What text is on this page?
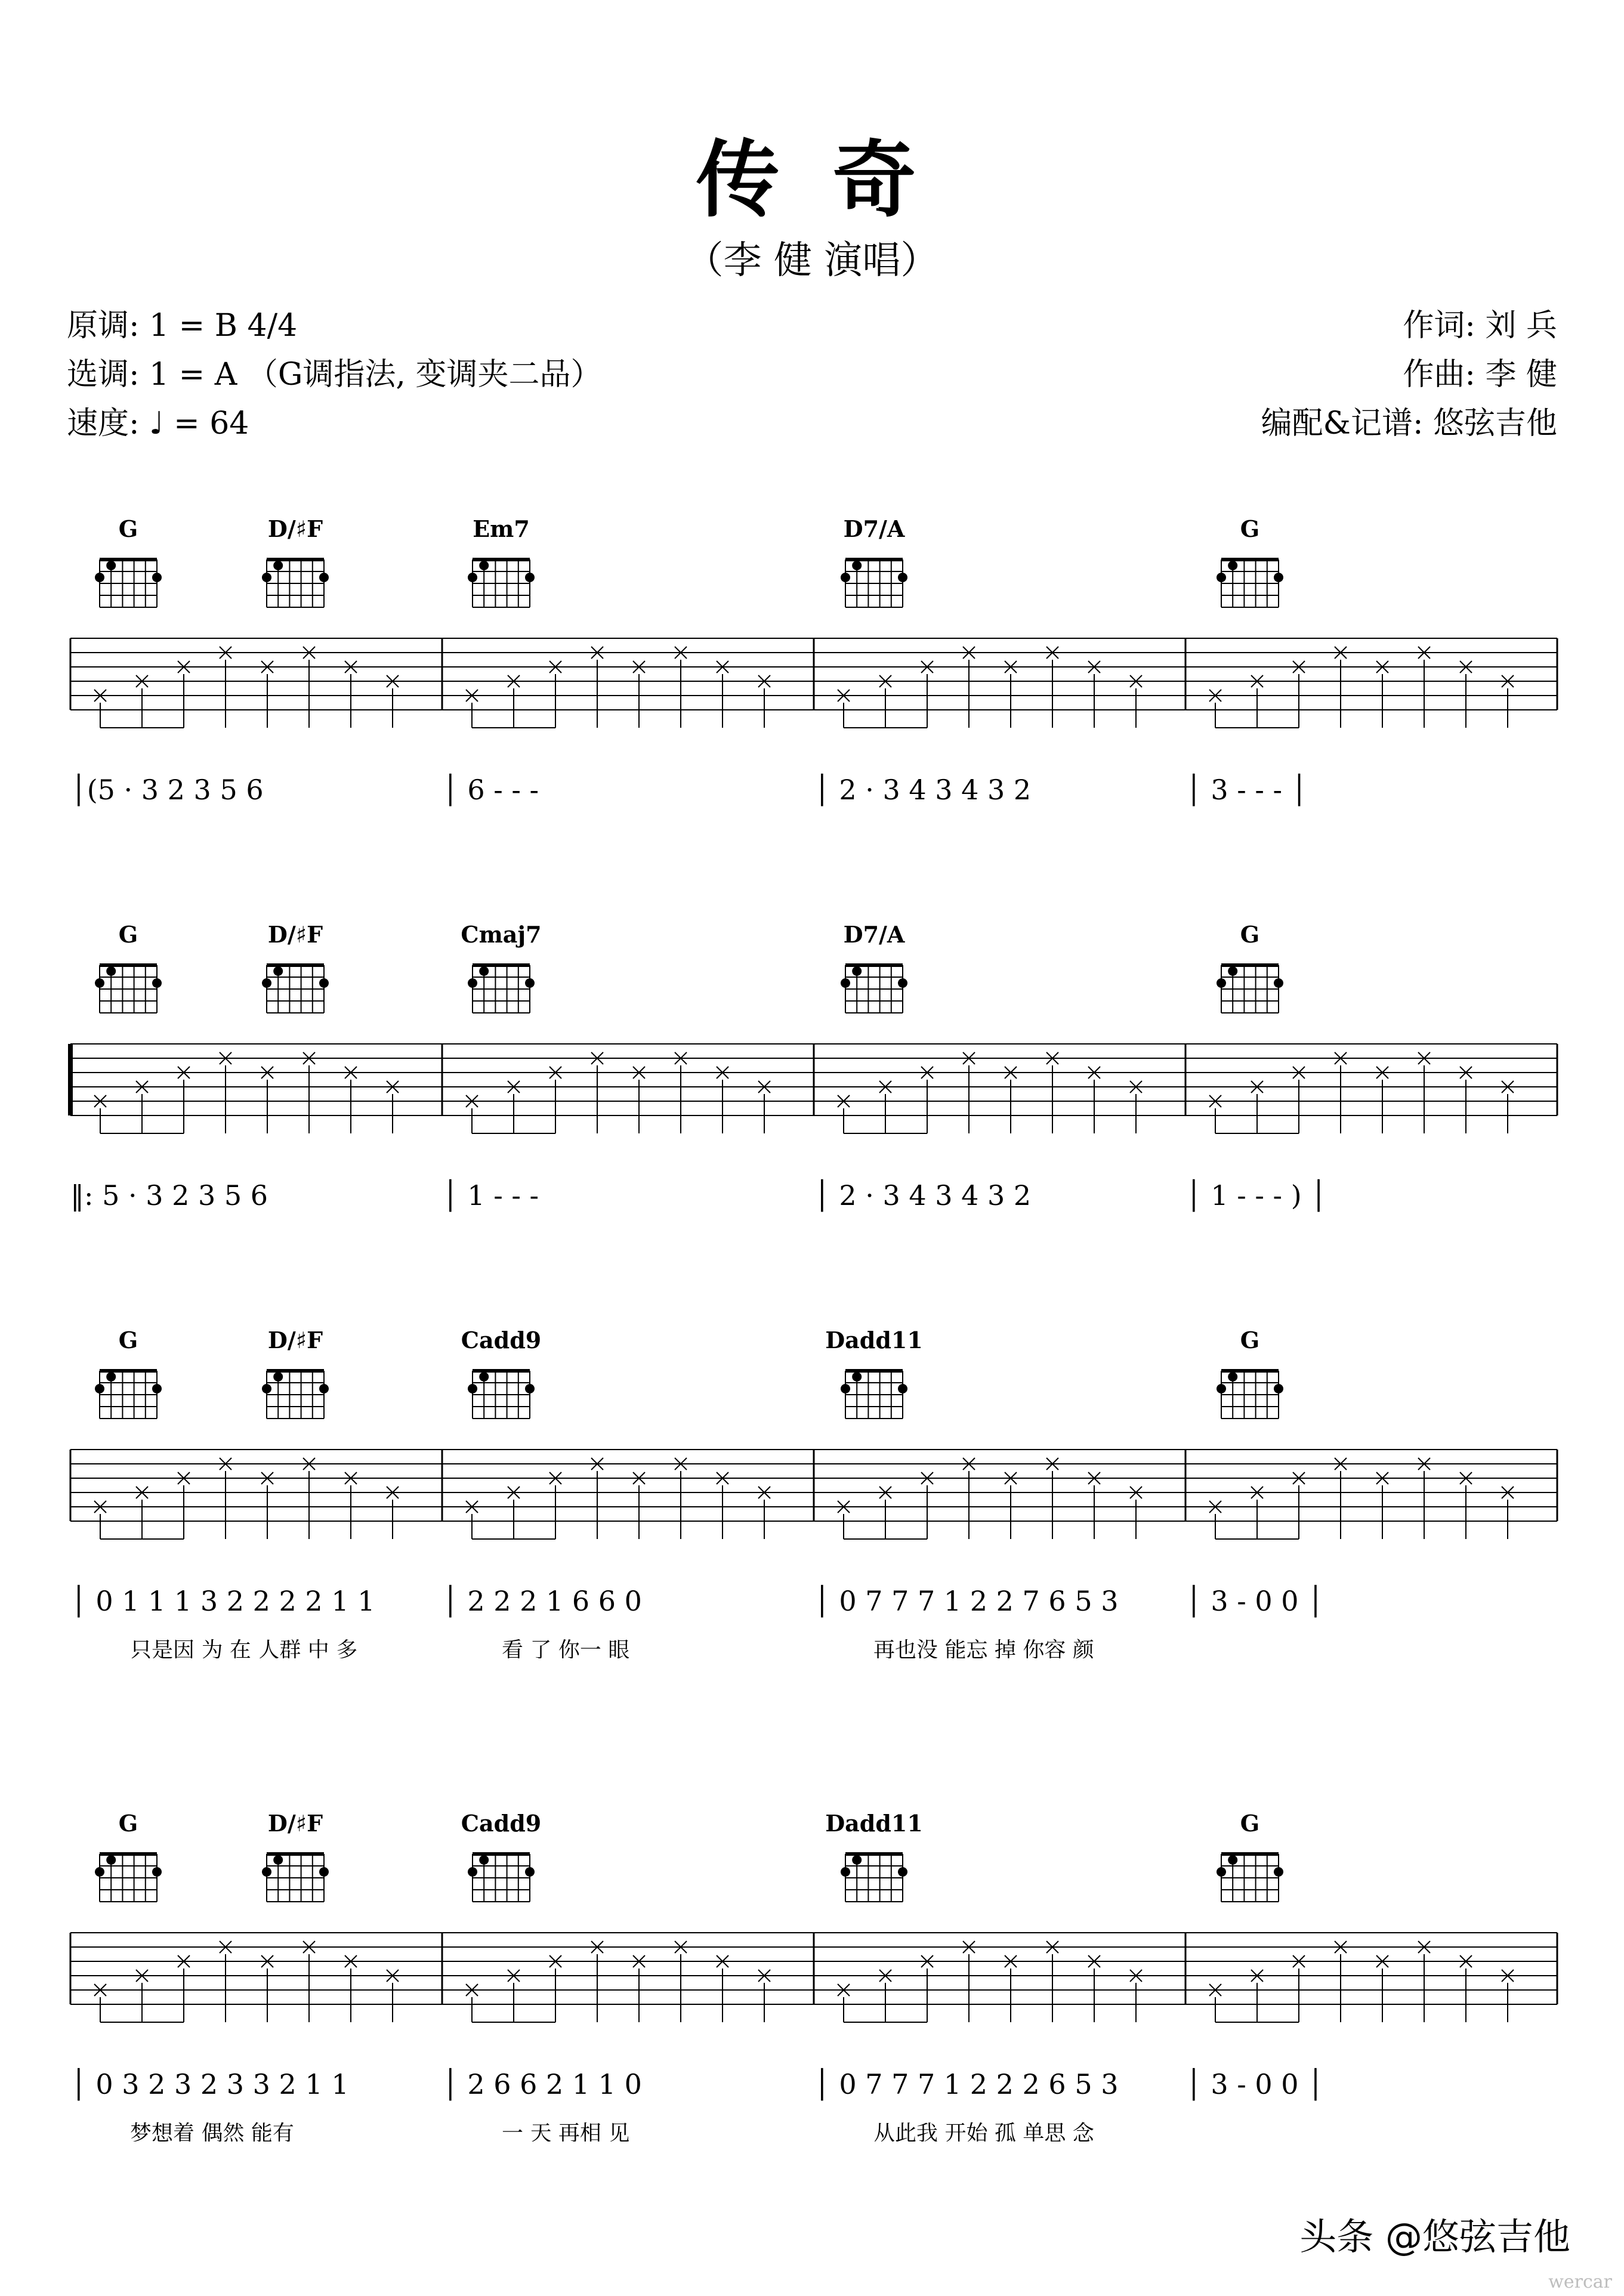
传 奇
（李 健 演唱）
原调: 1 = B 4/4
选调: 1 = A （G调指法, 变调夹二品）
速度: ♩ = 64
作词: 刘 兵
作曲: 李 健
编配&记谱: 悠弦吉他
G	D/♯F	Em7	D7/A	G
│(5 · 3 2 3 5 6	│ 6 - - -	│ 2 · 3 4 3 4 3 2	│ 3 - - - │
G	D/♯F	Cmaj7	D7/A	G
‖: 5 · 3 2 3 5 6	│ 1 - - -	│ 2 · 3 4 3 4 3 2	│ 1 - - - ) │
G	D/♯F	Cadd9	Dadd11	G
│ 0 1 1 1 3 2 2 2 2 1 1 │ 2 2 2 1 6 6 0	│ 0 7 7 7 1 2 2 7 6 5 3 │ 3 - 0 0 │
只是因 为 在 人群 中 多	看 了 你一 眼	再也没 能忘 掉 你容 颜
G	D/♯F	Cadd9	Dadd11	G
│ 0 3 2 3 2 3 3 2 1 1	│ 2 6 6 2 1 1 0	│ 0 7 7 7 1 2 2 2 6 5 3 │ 3 - 0 0 │
梦想着 偶然 能有	一 天 再相 见	从此我 开始 孤 单思 念
头条 @悠弦吉他
wercar
